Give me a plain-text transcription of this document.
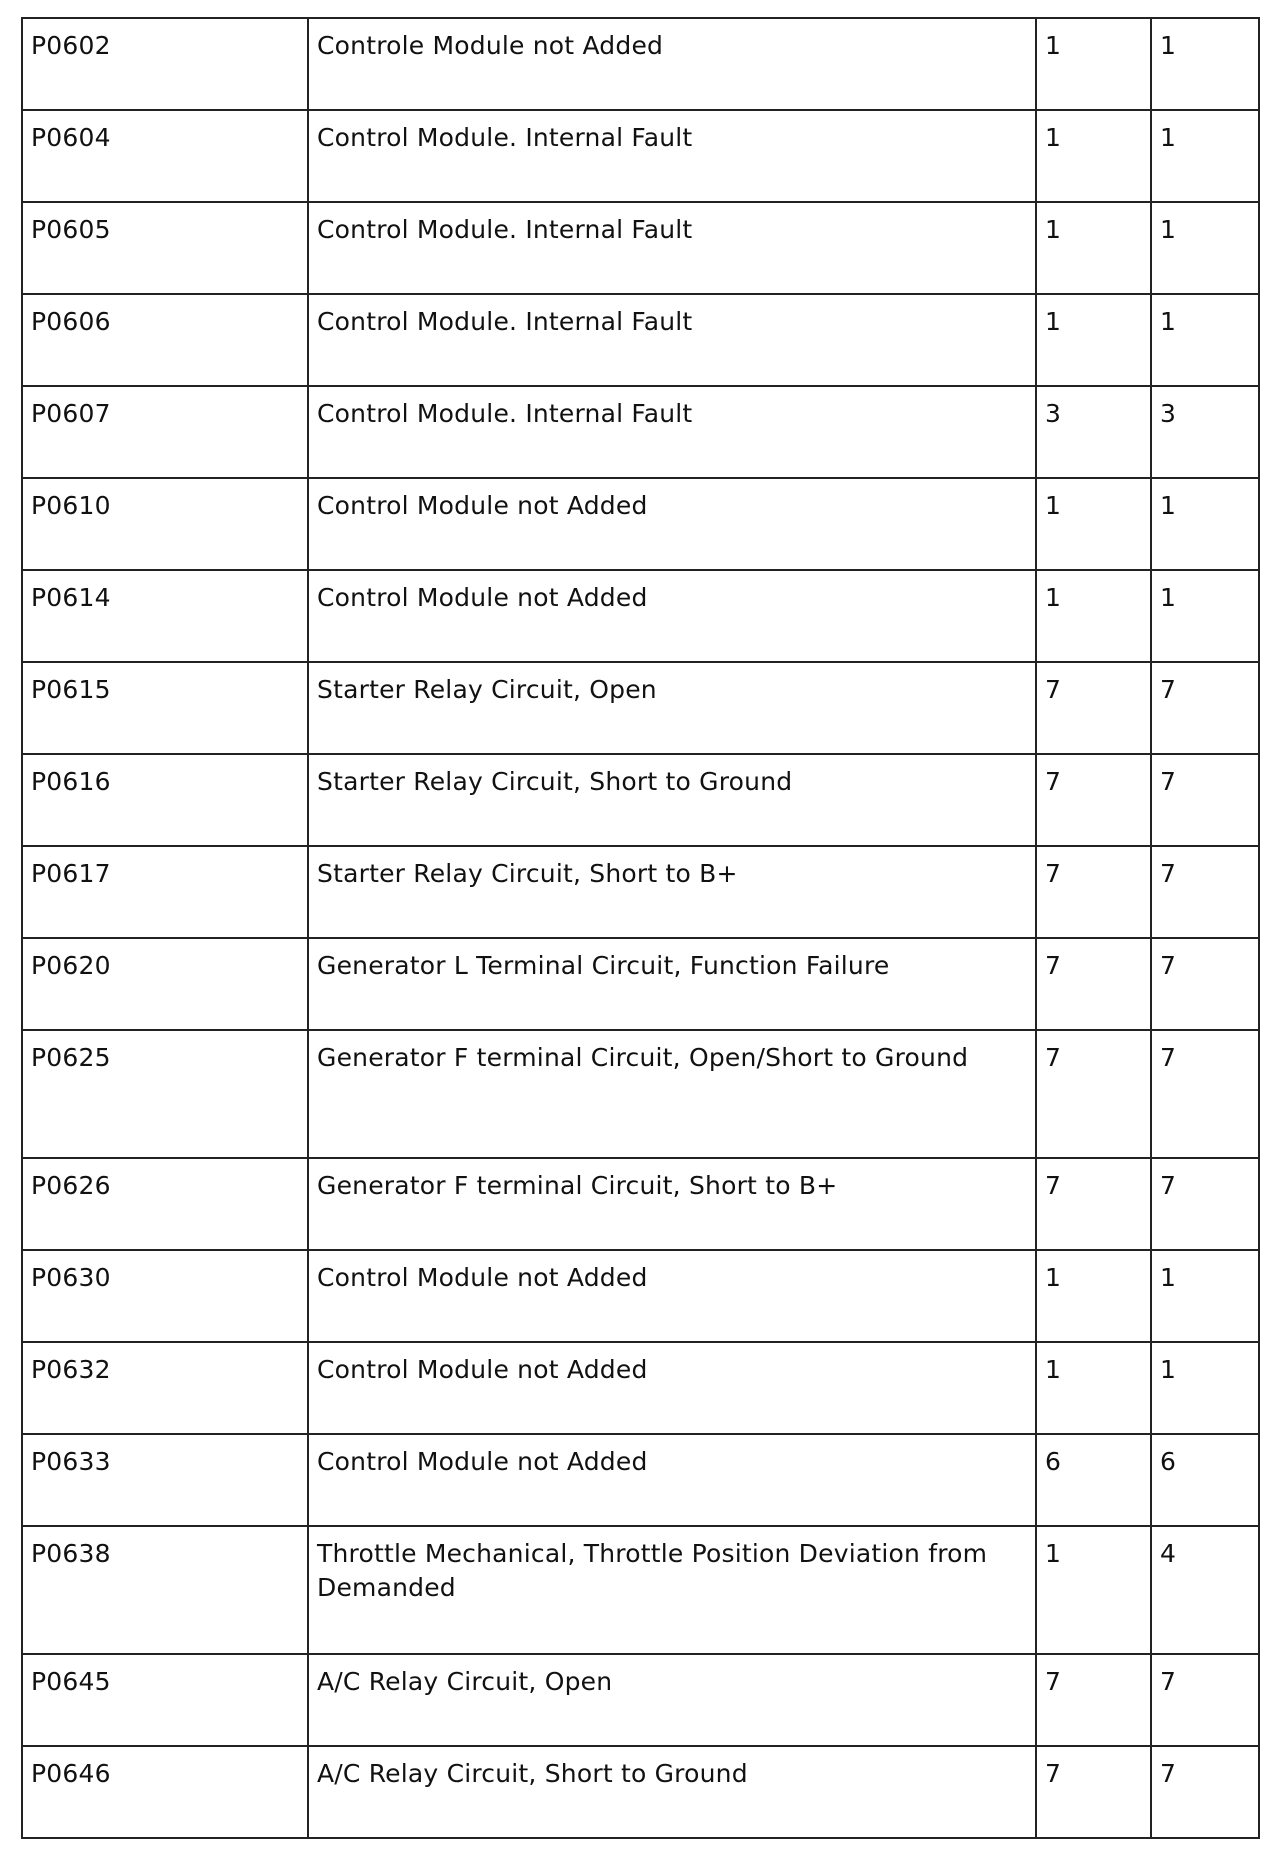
P0602	Controle Module not Added	1	1
P0604	Control Module. Internal Fault	1	1
P0605	Control Module. Internal Fault	1	1
P0606	Control Module. Internal Fault	1	1
P0607	Control Module. Internal Fault	3	3
P0610	Control Module not Added	1	1
P0614	Control Module not Added	1	1
P0615	Starter Relay Circuit, Open	7	7
P0616	Starter Relay Circuit, Short to Ground	7	7
P0617	Starter Relay Circuit, Short to B+	7	7
P0620	Generator L Terminal Circuit, Function Failure	7	7
P0625	Generator F terminal Circuit, Open/Short to Ground	7	7
P0626	Generator F terminal Circuit, Short to B+	7	7
P0630	Control Module not Added	1	1
P0632	Control Module not Added	1	1
P0633	Control Module not Added	6	6
P0638	Throttle Mechanical, Throttle Position Deviation from Demanded	1	4
P0645	A/C Relay Circuit, Open	7	7
P0646	A/C Relay Circuit, Short to Ground	7	7
